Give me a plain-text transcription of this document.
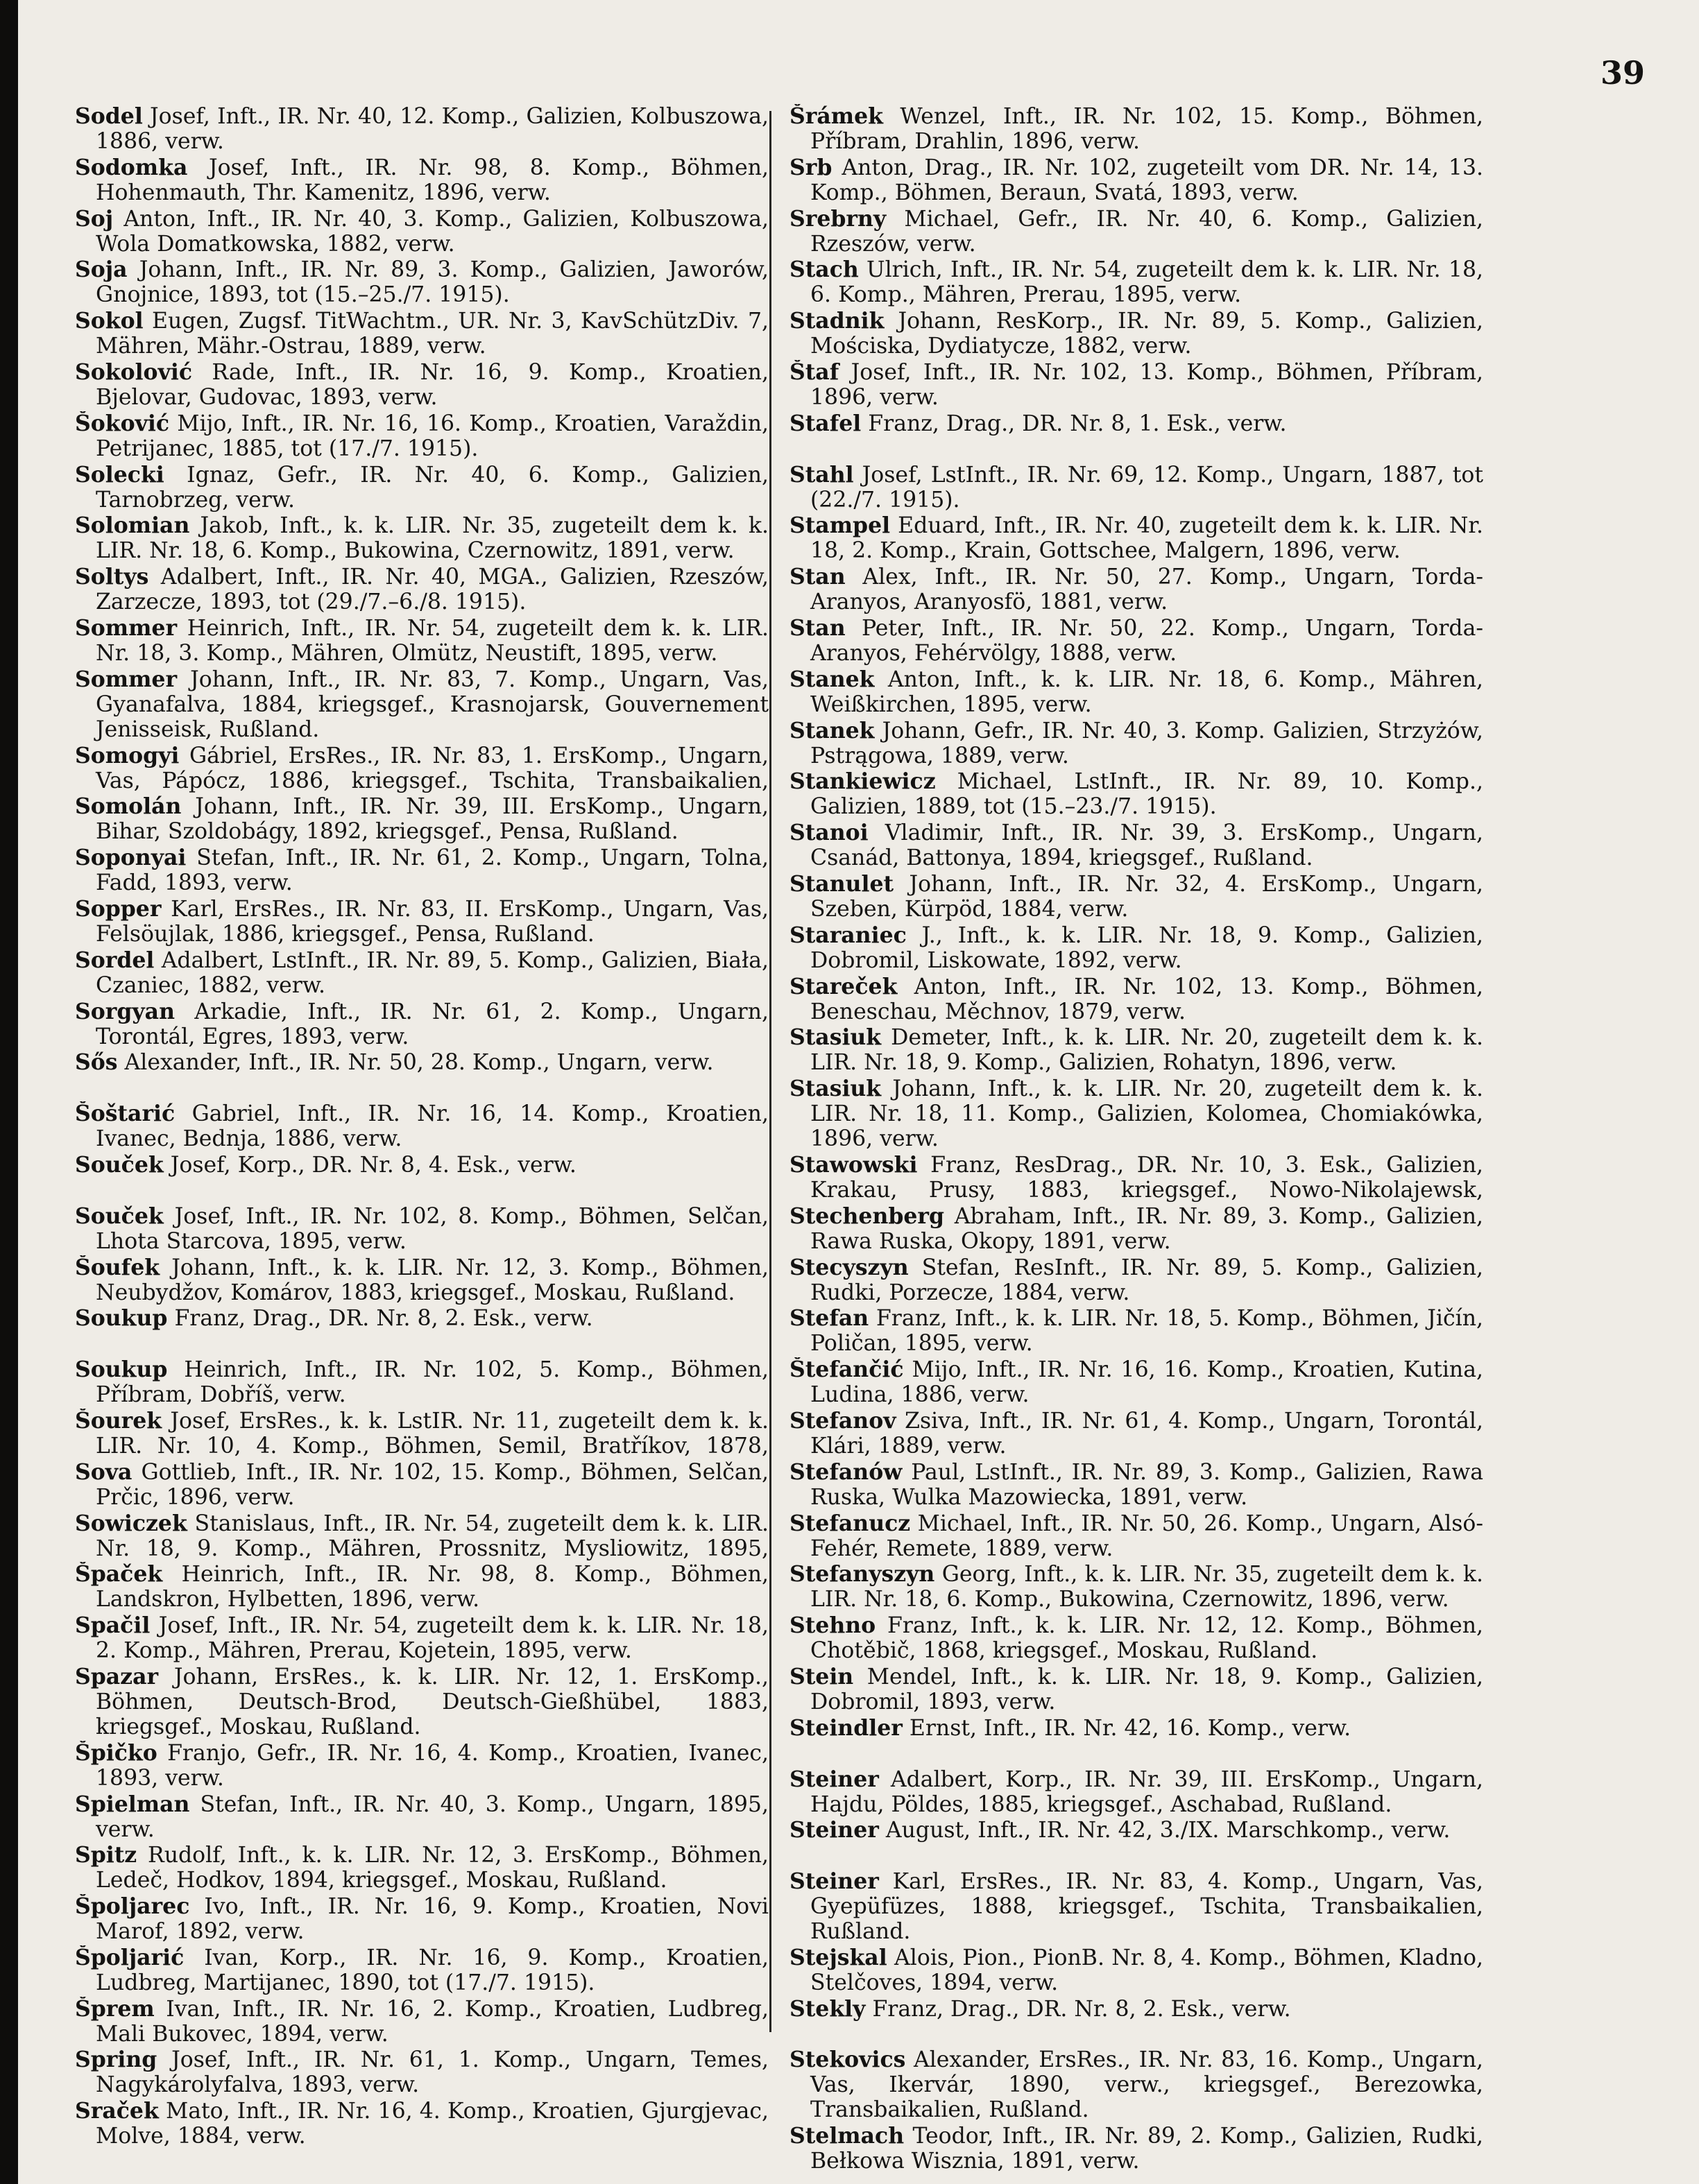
39
Sodel Josef, Inft., IR. Nr. 40, 12. Komp., Galizien, Kolbuszowa, 1886, verw.
Sodomka Josef, Inft., IR. Nr. 98, 8. Komp., Böhmen, Hohenmauth, Thr. Kamenitz, 1896, verw.
Soj Anton, Inft., IR. Nr. 40, 3. Komp., Galizien, Kolbuszowa, Wola Domatkowska, 1882, verw.
Soja Johann, Inft., IR. Nr. 89, 3. Komp., Galizien, Jaworów, Gnojnice, 1893, tot (15.–25./7. 1915).
Sokol Eugen, Zugsf. TitWachtm., UR. Nr. 3, KavSchützDiv. 7, Mähren, Mähr.-Ostrau, 1889, verw.
Sokolović Rade, Inft., IR. Nr. 16, 9. Komp., Kroatien, Bjelovar, Gudovac, 1893, verw.
Šoković Mijo, Inft., IR. Nr. 16, 16. Komp., Kroatien, Varaždin, Petrijanec, 1885, tot (17./7. 1915).
Solecki Ignaz, Gefr., IR. Nr. 40, 6. Komp., Galizien, Tarnobrzeg, verw.
Solomian Jakob, Inft., k. k. LIR. Nr. 35, zugeteilt dem k. k. LIR. Nr. 18, 6. Komp., Bukowina, Czernowitz, 1891, verw.
Soltys Adalbert, Inft., IR. Nr. 40, MGA., Galizien, Rzeszów, Zarzecze, 1893, tot (29./7.–6./8. 1915).
Sommer Heinrich, Inft., IR. Nr. 54, zugeteilt dem k. k. LIR. Nr. 18, 3. Komp., Mähren, Olmütz, Neustift, 1895, verw.
Sommer Johann, Inft., IR. Nr. 83, 7. Komp., Ungarn, Vas, Gyanafalva, 1884, kriegsgef., Krasnojarsk, Gouvernement Jenisseisk, Rußland.
Somogyi Gábriel, ErsRes., IR. Nr. 83, 1. ErsKomp., Ungarn, Vas, Pápócz, 1886, kriegsgef., Tschita, Transbaikalien,
Somolán Johann, Inft., IR. Nr. 39, III. ErsKomp., Ungarn, Bihar, Szoldobágy, 1892, kriegsgef., Pensa, Rußland.
Soponyai Stefan, Inft., IR. Nr. 61, 2. Komp., Ungarn, Tolna, Fadd, 1893, verw.
Sopper Karl, ErsRes., IR. Nr. 83, II. ErsKomp., Ungarn, Vas, Felsöujlak, 1886, kriegsgef., Pensa, Rußland.
Sordel Adalbert, LstInft., IR. Nr. 89, 5. Komp., Galizien, Biała, Czaniec, 1882, verw.
Sorgyan Arkadie, Inft., IR. Nr. 61, 2. Komp., Ungarn, Torontál, Egres, 1893, verw.
Sős Alexander, Inft., IR. Nr. 50, 28. Komp., Ungarn, verw.
Šoštarić Gabriel, Inft., IR. Nr. 16, 14. Komp., Kroatien, Ivanec, Bednja, 1886, verw.
Souček Josef, Korp., DR. Nr. 8, 4. Esk., verw.
Souček Josef, Inft., IR. Nr. 102, 8. Komp., Böhmen, Selčan, Lhota Starcova, 1895, verw.
Šoufek Johann, Inft., k. k. LIR. Nr. 12, 3. Komp., Böhmen, Neubydžov, Komárov, 1883, kriegsgef., Moskau, Rußland.
Soukup Franz, Drag., DR. Nr. 8, 2. Esk., verw.
Soukup Heinrich, Inft., IR. Nr. 102, 5. Komp., Böhmen, Příbram, Dobříš, verw.
Šourek Josef, ErsRes., k. k. LstIR. Nr. 11, zugeteilt dem k. k. LIR. Nr. 10, 4. Komp., Böhmen, Semil, Bratříkov, 1878,
Sova Gottlieb, Inft., IR. Nr. 102, 15. Komp., Böhmen, Selčan, Prčic, 1896, verw.
Sowiczek Stanislaus, Inft., IR. Nr. 54, zugeteilt dem k. k. LIR. Nr. 18, 9. Komp., Mähren, Prossnitz, Mysliowitz, 1895,
Špaček Heinrich, Inft., IR. Nr. 98, 8. Komp., Böhmen, Landskron, Hylbetten, 1896, verw.
Spačil Josef, Inft., IR. Nr. 54, zugeteilt dem k. k. LIR. Nr. 18, 2. Komp., Mähren, Prerau, Kojetein, 1895, verw.
Spazar Johann, ErsRes., k. k. LIR. Nr. 12, 1. ErsKomp., Böhmen, Deutsch-Brod, Deutsch-Gießhübel, 1883, kriegsgef., Moskau, Rußland.
Špičko Franjo, Gefr., IR. Nr. 16, 4. Komp., Kroatien, Ivanec, 1893, verw.
Spielman Stefan, Inft., IR. Nr. 40, 3. Komp., Ungarn, 1895, verw.
Spitz Rudolf, Inft., k. k. LIR. Nr. 12, 3. ErsKomp., Böhmen, Ledeč, Hodkov, 1894, kriegsgef., Moskau, Rußland.
Špoljarec Ivo, Inft., IR. Nr. 16, 9. Komp., Kroatien, Novi Marof, 1892, verw.
Špoljarić Ivan, Korp., IR. Nr. 16, 9. Komp., Kroatien, Ludbreg, Martijanec, 1890, tot (17./7. 1915).
Šprem Ivan, Inft., IR. Nr. 16, 2. Komp., Kroatien, Ludbreg, Mali Bukovec, 1894, verw.
Spring Josef, Inft., IR. Nr. 61, 1. Komp., Ungarn, Temes, Nagykárolyfalva, 1893, verw.
Sraček Mato, Inft., IR. Nr. 16, 4. Komp., Kroatien, Gjurgjevac, Molve, 1884, verw.
Šrámek Wenzel, Inft., IR. Nr. 102, 15. Komp., Böhmen, Příbram, Drahlin, 1896, verw.
Srb Anton, Drag., IR. Nr. 102, zugeteilt vom DR. Nr. 14, 13. Komp., Böhmen, Beraun, Svatá, 1893, verw.
Srebrny Michael, Gefr., IR. Nr. 40, 6. Komp., Galizien, Rzeszów, verw.
Stach Ulrich, Inft., IR. Nr. 54, zugeteilt dem k. k. LIR. Nr. 18, 6. Komp., Mähren, Prerau, 1895, verw.
Stadnik Johann, ResKorp., IR. Nr. 89, 5. Komp., Galizien, Mościska, Dydiatycze, 1882, verw.
Štaf Josef, Inft., IR. Nr. 102, 13. Komp., Böhmen, Příbram, 1896, verw.
Stafel Franz, Drag., DR. Nr. 8, 1. Esk., verw.
Stahl Josef, LstInft., IR. Nr. 69, 12. Komp., Ungarn, 1887, tot (22./7. 1915).
Stampel Eduard, Inft., IR. Nr. 40, zugeteilt dem k. k. LIR. Nr. 18, 2. Komp., Krain, Gottschee, Malgern, 1896, verw.
Stan Alex, Inft., IR. Nr. 50, 27. Komp., Ungarn, Torda-Aranyos, Aranyosfö, 1881, verw.
Stan Peter, Inft., IR. Nr. 50, 22. Komp., Ungarn, Torda-Aranyos, Fehérvölgy, 1888, verw.
Stanek Anton, Inft., k. k. LIR. Nr. 18, 6. Komp., Mähren, Weißkirchen, 1895, verw.
Stanek Johann, Gefr., IR. Nr. 40, 3. Komp. Galizien, Strzyżów, Pstrągowa, 1889, verw.
Stankiewicz Michael, LstInft., IR. Nr. 89, 10. Komp., Galizien, 1889, tot (15.–23./7. 1915).
Stanoi Vladimir, Inft., IR. Nr. 39, 3. ErsKomp., Ungarn, Csanád, Battonya, 1894, kriegsgef., Rußland.
Stanulet Johann, Inft., IR. Nr. 32, 4. ErsKomp., Ungarn, Szeben, Kürpöd, 1884, verw.
Staraniec J., Inft., k. k. LIR. Nr. 18, 9. Komp., Galizien, Dobromil, Liskowate, 1892, verw.
Stareček Anton, Inft., IR. Nr. 102, 13. Komp., Böhmen, Beneschau, Měchnov, 1879, verw.
Stasiuk Demeter, Inft., k. k. LIR. Nr. 20, zugeteilt dem k. k. LIR. Nr. 18, 9. Komp., Galizien, Rohatyn, 1896, verw.
Stasiuk Johann, Inft., k. k. LIR. Nr. 20, zugeteilt dem k. k. LIR. Nr. 18, 11. Komp., Galizien, Kolomea, Chomiakówka, 1896, verw.
Stawowski Franz, ResDrag., DR. Nr. 10, 3. Esk., Galizien, Krakau, Prusy, 1883, kriegsgef., Nowo-Nikolajewsk,
Stechenberg Abraham, Inft., IR. Nr. 89, 3. Komp., Galizien, Rawa Ruska, Okopy, 1891, verw.
Stecyszyn Stefan, ResInft., IR. Nr. 89, 5. Komp., Galizien, Rudki, Porzecze, 1884, verw.
Stefan Franz, Inft., k. k. LIR. Nr. 18, 5. Komp., Böhmen, Jičín, Poličan, 1895, verw.
Štefančić Mijo, Inft., IR. Nr. 16, 16. Komp., Kroatien, Kutina, Ludina, 1886, verw.
Stefanov Zsiva, Inft., IR. Nr. 61, 4. Komp., Ungarn, Torontál, Klári, 1889, verw.
Stefanów Paul, LstInft., IR. Nr. 89, 3. Komp., Galizien, Rawa Ruska, Wulka Mazowiecka, 1891, verw.
Stefanucz Michael, Inft., IR. Nr. 50, 26. Komp., Ungarn, Alsó-Fehér, Remete, 1889, verw.
Stefanyszyn Georg, Inft., k. k. LIR. Nr. 35, zugeteilt dem k. k. LIR. Nr. 18, 6. Komp., Bukowina, Czernowitz, 1896, verw.
Stehno Franz, Inft., k. k. LIR. Nr. 12, 12. Komp., Böhmen, Chotěbič, 1868, kriegsgef., Moskau, Rußland.
Stein Mendel, Inft., k. k. LIR. Nr. 18, 9. Komp., Galizien, Dobromil, 1893, verw.
Steindler Ernst, Inft., IR. Nr. 42, 16. Komp., verw.
Steiner Adalbert, Korp., IR. Nr. 39, III. ErsKomp., Ungarn, Hajdu, Pöldes, 1885, kriegsgef., Aschabad, Rußland.
Steiner August, Inft., IR. Nr. 42, 3./IX. Marschkomp., verw.
Steiner Karl, ErsRes., IR. Nr. 83, 4. Komp., Ungarn, Vas, Gyepüfüzes, 1888, kriegsgef., Tschita, Transbaikalien, Rußland.
Stejskal Alois, Pion., PionB. Nr. 8, 4. Komp., Böhmen, Kladno, Stelčoves, 1894, verw.
Stekly Franz, Drag., DR. Nr. 8, 2. Esk., verw.
Stekovics Alexander, ErsRes., IR. Nr. 83, 16. Komp., Ungarn, Vas, Ikervár, 1890, verw., kriegsgef., Berezowka, Transbaikalien, Rußland.
Stelmach Teodor, Inft., IR. Nr. 89, 2. Komp., Galizien, Rudki, Bełkowa Wisznia, 1891, verw.
